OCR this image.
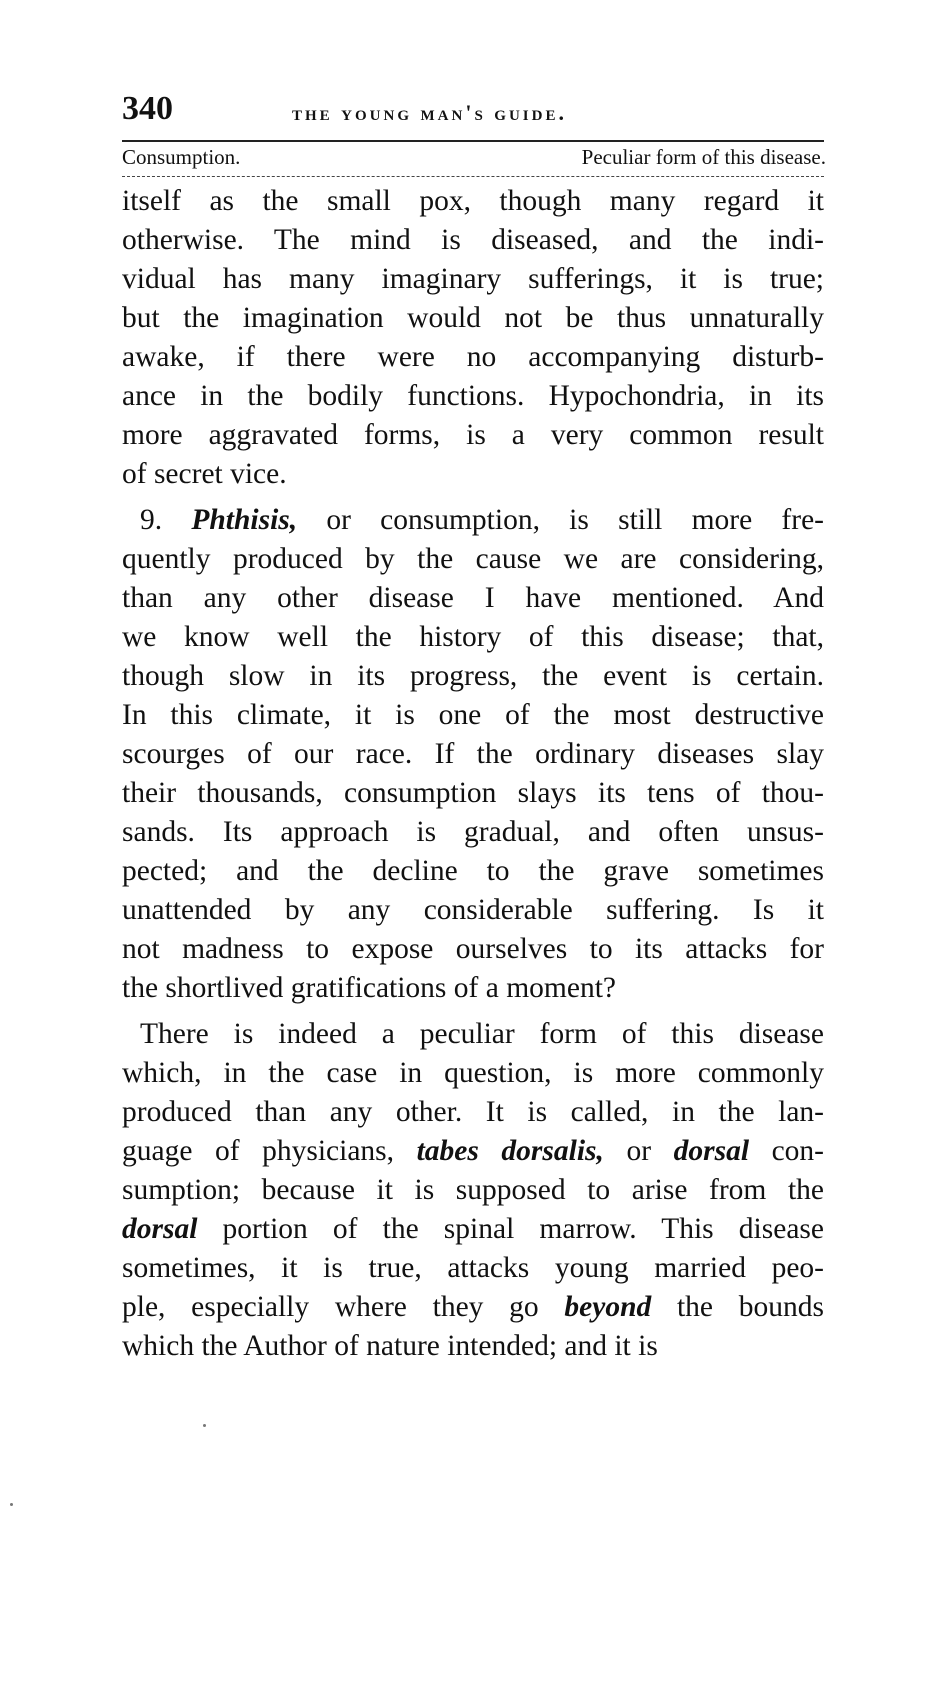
340	the young man's guide.
Consumption.	Peculiar form of this disease.
itself as the small pox, though many regard it
otherwise. The mind is diseased, and the indi-
vidual has many imaginary sufferings, it is true;
but the imagination would not be thus unnaturally
awake, if there were no accompanying disturb-
ance in the bodily functions. Hypochondria, in its
more aggravated forms, is a very common result
of secret vice.
9. Phthisis, or consumption, is still more fre-
quently produced by the cause we are considering,
than any other disease I have mentioned. And
we know well the history of this disease; that,
though slow in its progress, the event is certain.
In this climate, it is one of the most destructive
scourges of our race. If the ordinary diseases slay
their thousands, consumption slays its tens of thou-
sands. Its approach is gradual, and often unsus-
pected; and the decline to the grave sometimes
unattended by any considerable suffering. Is it
not madness to expose ourselves to its attacks for
the shortlived gratifications of a moment?
There is indeed a peculiar form of this disease
which, in the case in question, is more commonly
produced than any other. It is called, in the lan-
guage of physicians, tabes dorsalis, or dorsal con-
sumption; because it is supposed to arise from the
dorsal portion of the spinal marrow. This disease
sometimes, it is true, attacks young married peo-
ple, especially where they go beyond the bounds
which the Author of nature intended; and it is
